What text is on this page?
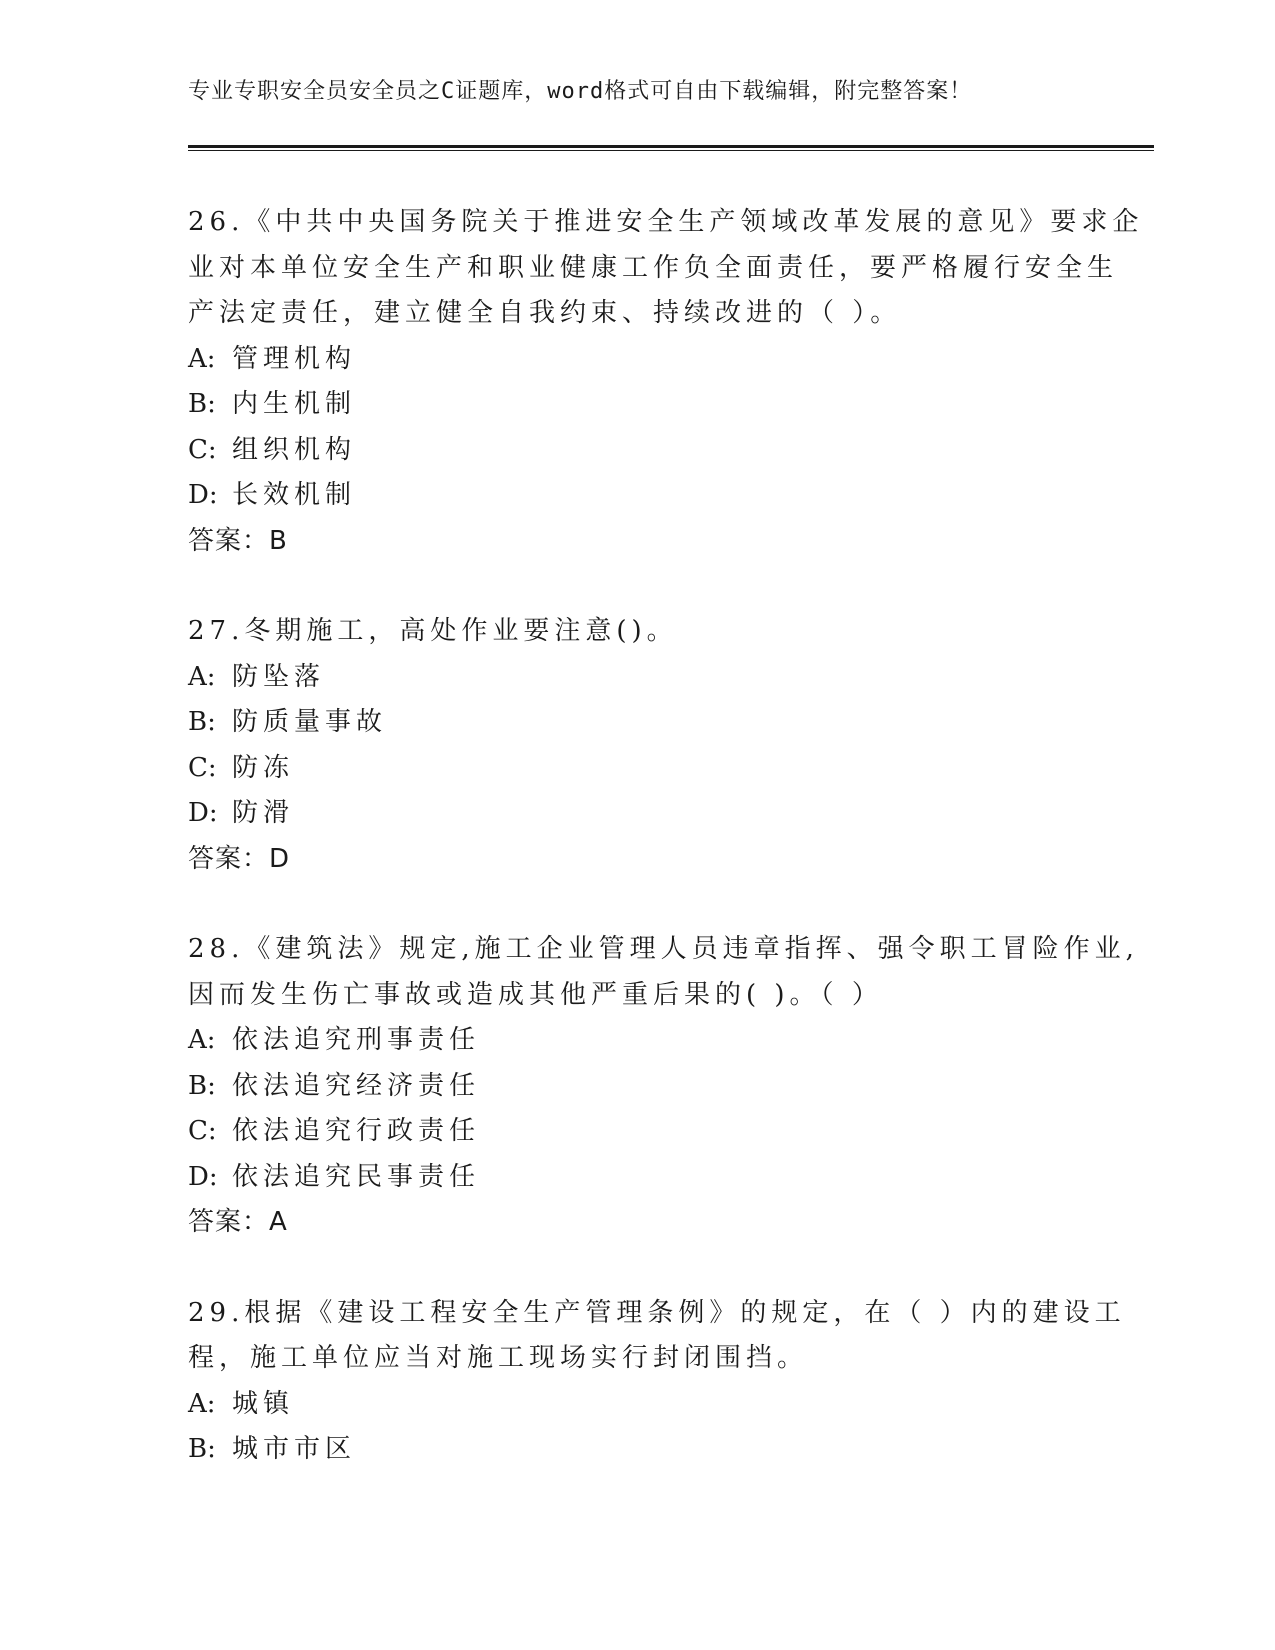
专业专职安全员安全员之C证题库，word格式可自由下载编辑，附完整答案！
26.《中共中央国务院关于推进安全生产领域改革发展的意见》要求企
业对本单位安全生产和职业健康工作负全面责任，要严格履行安全生
产法定责任，建立健全自我约束、持续改进的（ ）。
A: 管理机构
B: 内生机制
C: 组织机构
D: 长效机制
答案：B
27.冬期施工，高处作业要注意()。
A: 防坠落
B: 防质量事故
C: 防冻
D: 防滑
答案：D
28.《建筑法》规定,施工企业管理人员违章指挥、强令职工冒险作业,
因而发生伤亡事故或造成其他严重后果的( )。（ ）
A: 依法追究刑事责任
B: 依法追究经济责任
C: 依法追究行政责任
D: 依法追究民事责任
答案：A
29.根据《建设工程安全生产管理条例》的规定，在（ ）内的建设工
程，施工单位应当对施工现场实行封闭围挡。
A: 城镇
B: 城市市区
